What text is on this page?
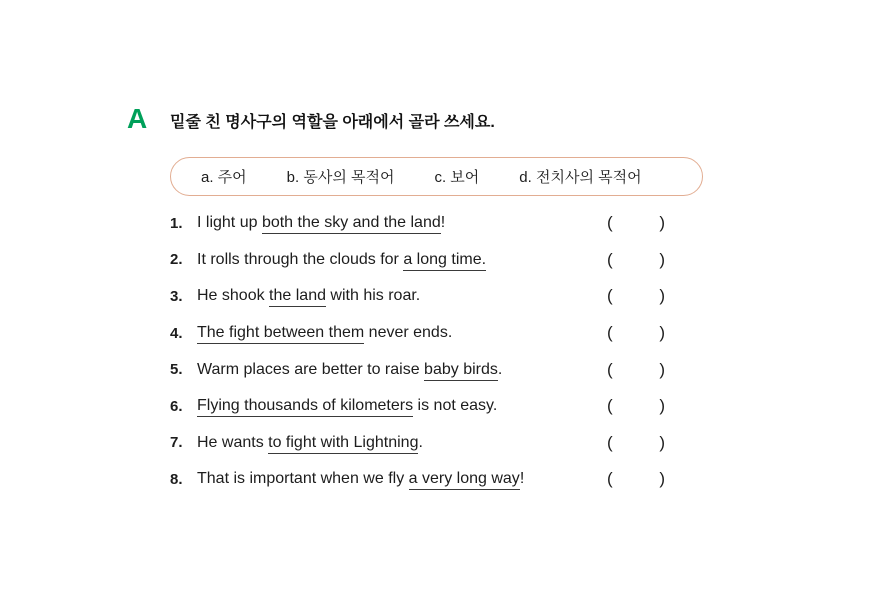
A 밑줄 친 명사구의 역할을 아래에서 골라 쓰세요.
a. 주어	b. 동사의 목적어	c. 보어	d. 전치사의 목적어
1. I light up both the sky and the land!	(	)
2. It rolls through the clouds for a long time.	(	)
3. He shook the land with his roar.	(	)
4. The fight between them never ends.	(	)
5. Warm places are better to raise baby birds.	(	)
6. Flying thousands of kilometers is not easy.	(	)
7. He wants to fight with Lightning.	(	)
8. That is important when we fly a very long way!	(	)
